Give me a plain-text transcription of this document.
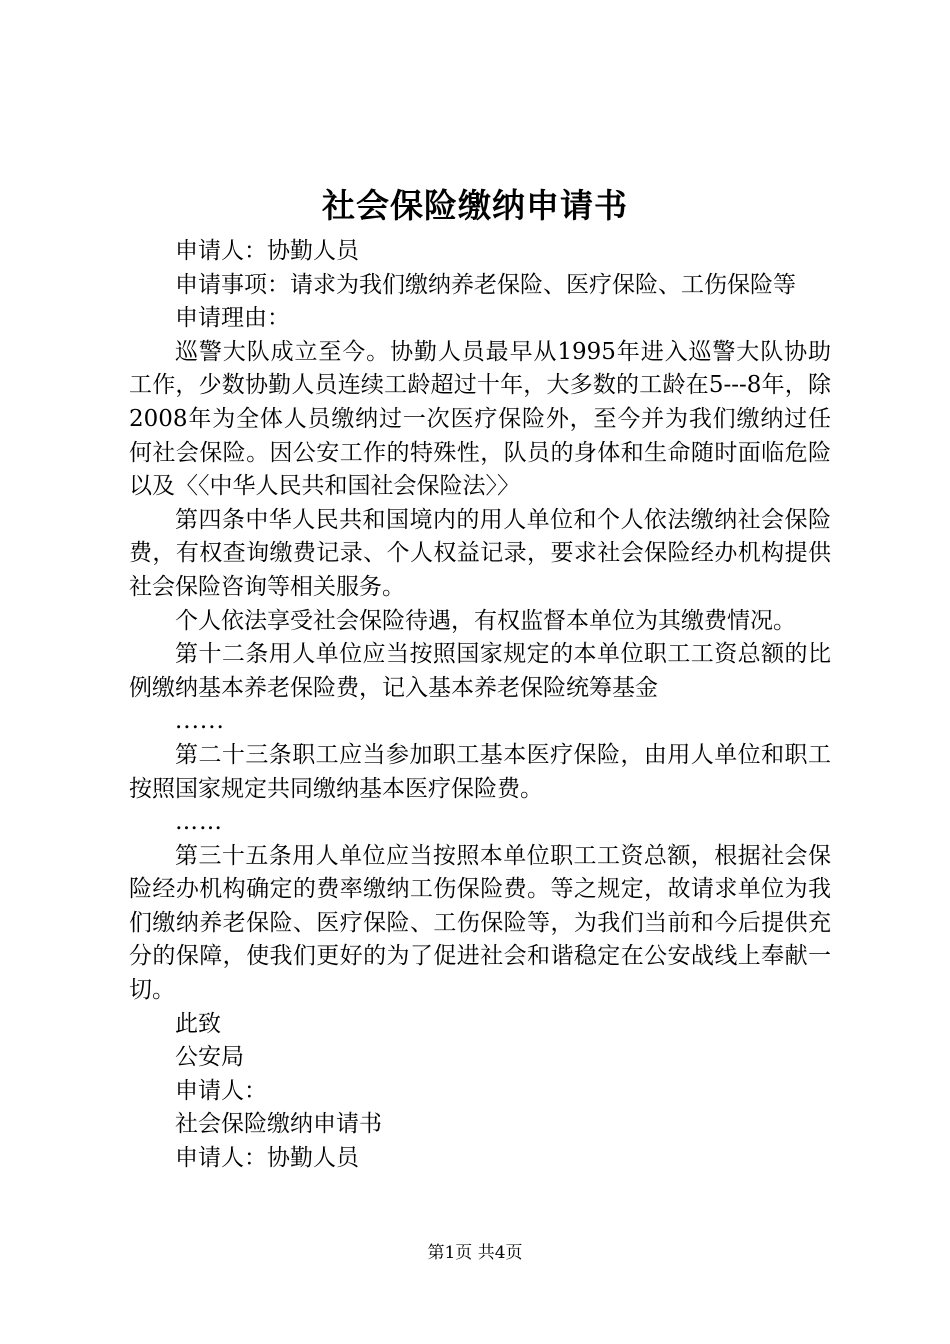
社会保险缴纳申请书

申请人：协勤人员

申请事项：请求为我们缴纳养老保险、医疗保险、工伤保险等

申请理由：

巡警大队成立至今。协勤人员最早从1995年进入巡警大队协助工作，少数协勤人员连续工龄超过十年，大多数的工龄在5---8年，除2008年为全体人员缴纳过一次医疗保险外，至今并为我们缴纳过任何社会保险。因公安工作的特殊性，队员的身体和生命随时面临危险以及〈〈中华人民共和国社会保险法〉〉

第四条中华人民共和国境内的用人单位和个人依法缴纳社会保险费，有权查询缴费记录、个人权益记录，要求社会保险经办机构提供社会保险咨询等相关服务。

个人依法享受社会保险待遇，有权监督本单位为其缴费情况。

第十二条用人单位应当按照国家规定的本单位职工工资总额的比例缴纳基本养老保险费，记入基本养老保险统筹基金

......

第二十三条职工应当参加职工基本医疗保险，由用人单位和职工按照国家规定共同缴纳基本医疗保险费。

……

第三十五条用人单位应当按照本单位职工工资总额，根据社会保险经办机构确定的费率缴纳工伤保险费。等之规定，故请求单位为我们缴纳养老保险、医疗保险、工伤保险等，为我们当前和今后提供充分的保障，使我们更好的为了促进社会和谐稳定在公安战线上奉献一切。

此致

公安局

申请人：

社会保险缴纳申请书

申请人：协勤人员

第1页 共4页
